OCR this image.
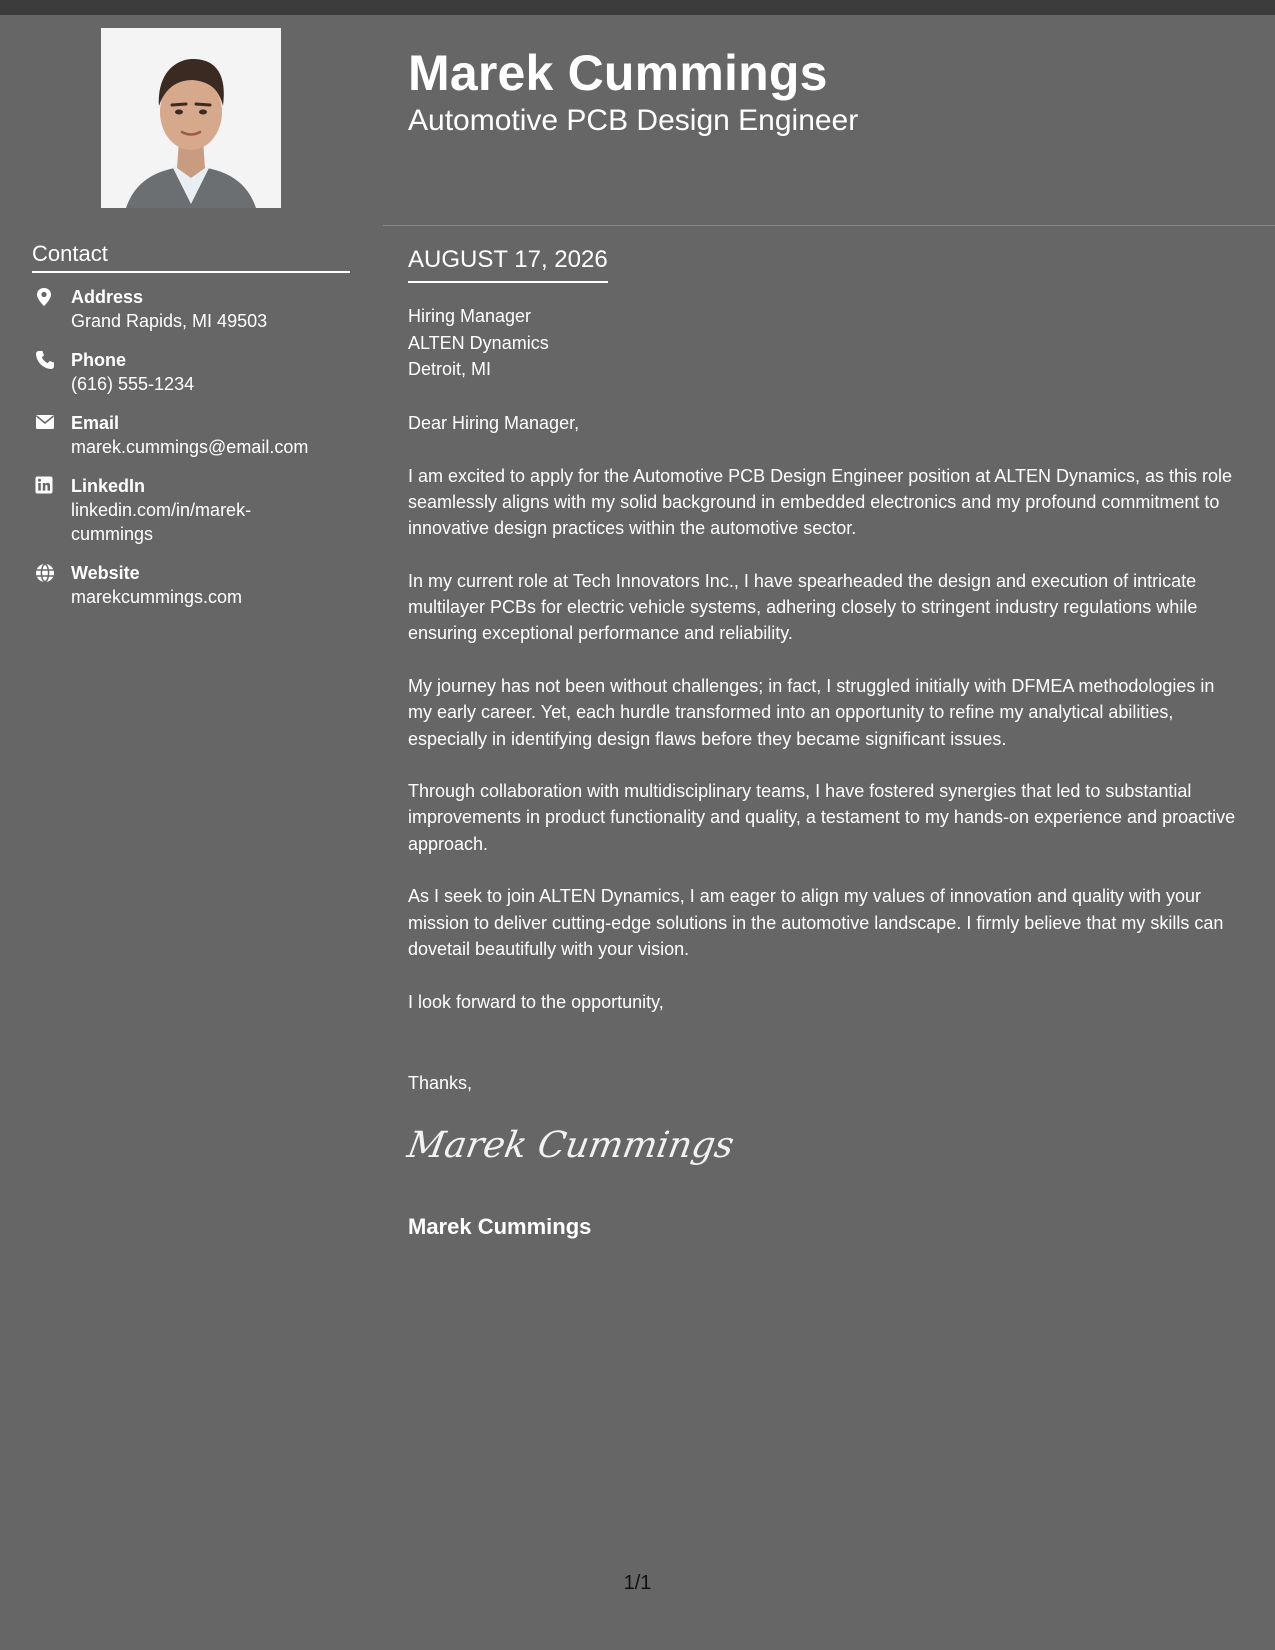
Contact
Address
Grand Rapids, MI 49503
Phone
(616) 555-1234
Email
marek.cummings@email.com
LinkedIn
linkedin.com/in/marek-cummings
Website
marekcummings.com
Marek Cummings
Automotive PCB Design Engineer
AUGUST 17, 2026
Hiring Manager
ALTEN Dynamics
Detroit, MI

Dear Hiring Manager,

I am excited to apply for the Automotive PCB Design Engineer position at ALTEN Dynamics, as this role seamlessly aligns with my solid background in embedded electronics and my profound commitment to innovative design practices within the automotive sector.

In my current role at Tech Innovators Inc., I have spearheaded the design and execution of intricate multilayer PCBs for electric vehicle systems, adhering closely to stringent industry regulations while ensuring exceptional performance and reliability.

My journey has not been without challenges; in fact, I struggled initially with DFMEA methodologies in my early career. Yet, each hurdle transformed into an opportunity to refine my analytical abilities, especially in identifying design flaws before they became significant issues.

Through collaboration with multidisciplinary teams, I have fostered synergies that led to substantial improvements in product functionality and quality, a testament to my hands-on experience and proactive approach.

As I seek to join ALTEN Dynamics, I am eager to align my values of innovation and quality with your mission to deliver cutting-edge solutions in the automotive landscape. I firmly believe that my skills can dovetail beautifully with your vision.

I look forward to the opportunity,

Thanks,
Marek Cummings
Marek Cummings
1/1
